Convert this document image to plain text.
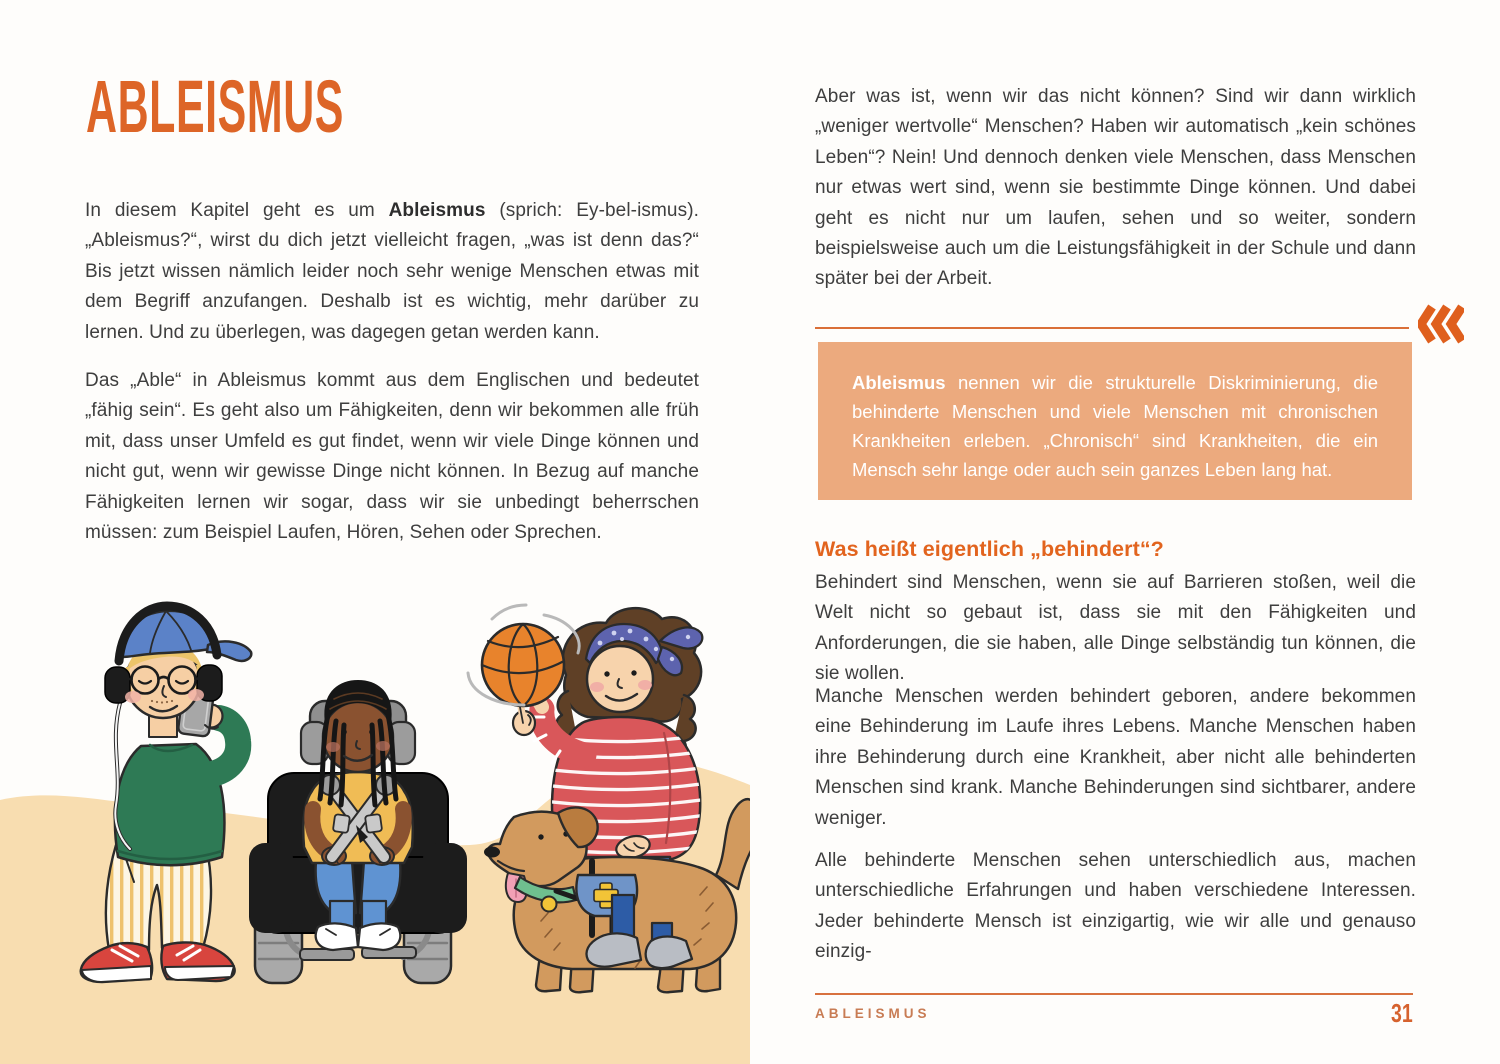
ABLEISMUS

In diesem Kapitel geht es um Ableismus (sprich: Ey-bel-ismus). „Ableismus?“, wirst du dich jetzt vielleicht fragen, „was ist denn das?“ Bis jetzt wissen nämlich leider noch sehr wenige Menschen etwas mit dem Begriff anzufangen. Deshalb ist es wichtig, mehr darüber zu lernen. Und zu überlegen, was dagegen getan werden kann.

Das „Able“ in Ableismus kommt aus dem Englischen und bedeutet „fähig sein“. Es geht also um Fähigkeiten, denn wir bekommen alle früh mit, dass unser Umfeld es gut findet, wenn wir viele Dinge können und nicht gut, wenn wir gewisse Dinge nicht können. In Bezug auf manche Fähigkeiten lernen wir sogar, dass wir sie unbedingt beherrschen müssen: zum Beispiel Laufen, Hören, Sehen oder Sprechen.

Aber was ist, wenn wir das nicht können? Sind wir dann wirklich „weniger wertvolle“ Menschen? Haben wir automatisch „kein schönes Leben“? Nein! Und dennoch denken viele Menschen, dass Menschen nur etwas wert sind, wenn sie bestimmte Dinge können. Und dabei geht es nicht nur um laufen, sehen und so weiter, sondern beispielsweise auch um die Leistungsfähigkeit in der Schule und dann später bei der Arbeit.

Ableismus nennen wir die strukturelle Diskriminierung, die behinderte Menschen und viele Menschen mit chronischen Krankheiten erleben. „Chronisch“ sind Krankheiten, die ein Mensch sehr lange oder auch sein ganzes Leben lang hat.

Was heißt eigentlich „behindert“?

Behindert sind Menschen, wenn sie auf Barrieren stoßen, weil die Welt nicht so gebaut ist, dass sie mit den Fähigkeiten und Anforderungen, die sie haben, alle Dinge selbständig tun können, die sie wollen.

Manche Menschen werden behindert geboren, andere bekommen eine Behinderung im Laufe ihres Lebens. Manche Menschen haben ihre Behinderung durch eine Krankheit, aber nicht alle behinderten Menschen sind krank. Manche Behinderungen sind sichtbarer, andere weniger.

Alle behinderte Menschen sehen unterschiedlich aus, machen unterschiedliche Erfahrungen und haben verschiedene Interessen. Jeder behinderte Mensch ist einzigartig, wie wir alle und genauso einzig-

ABLEISMUS	31
